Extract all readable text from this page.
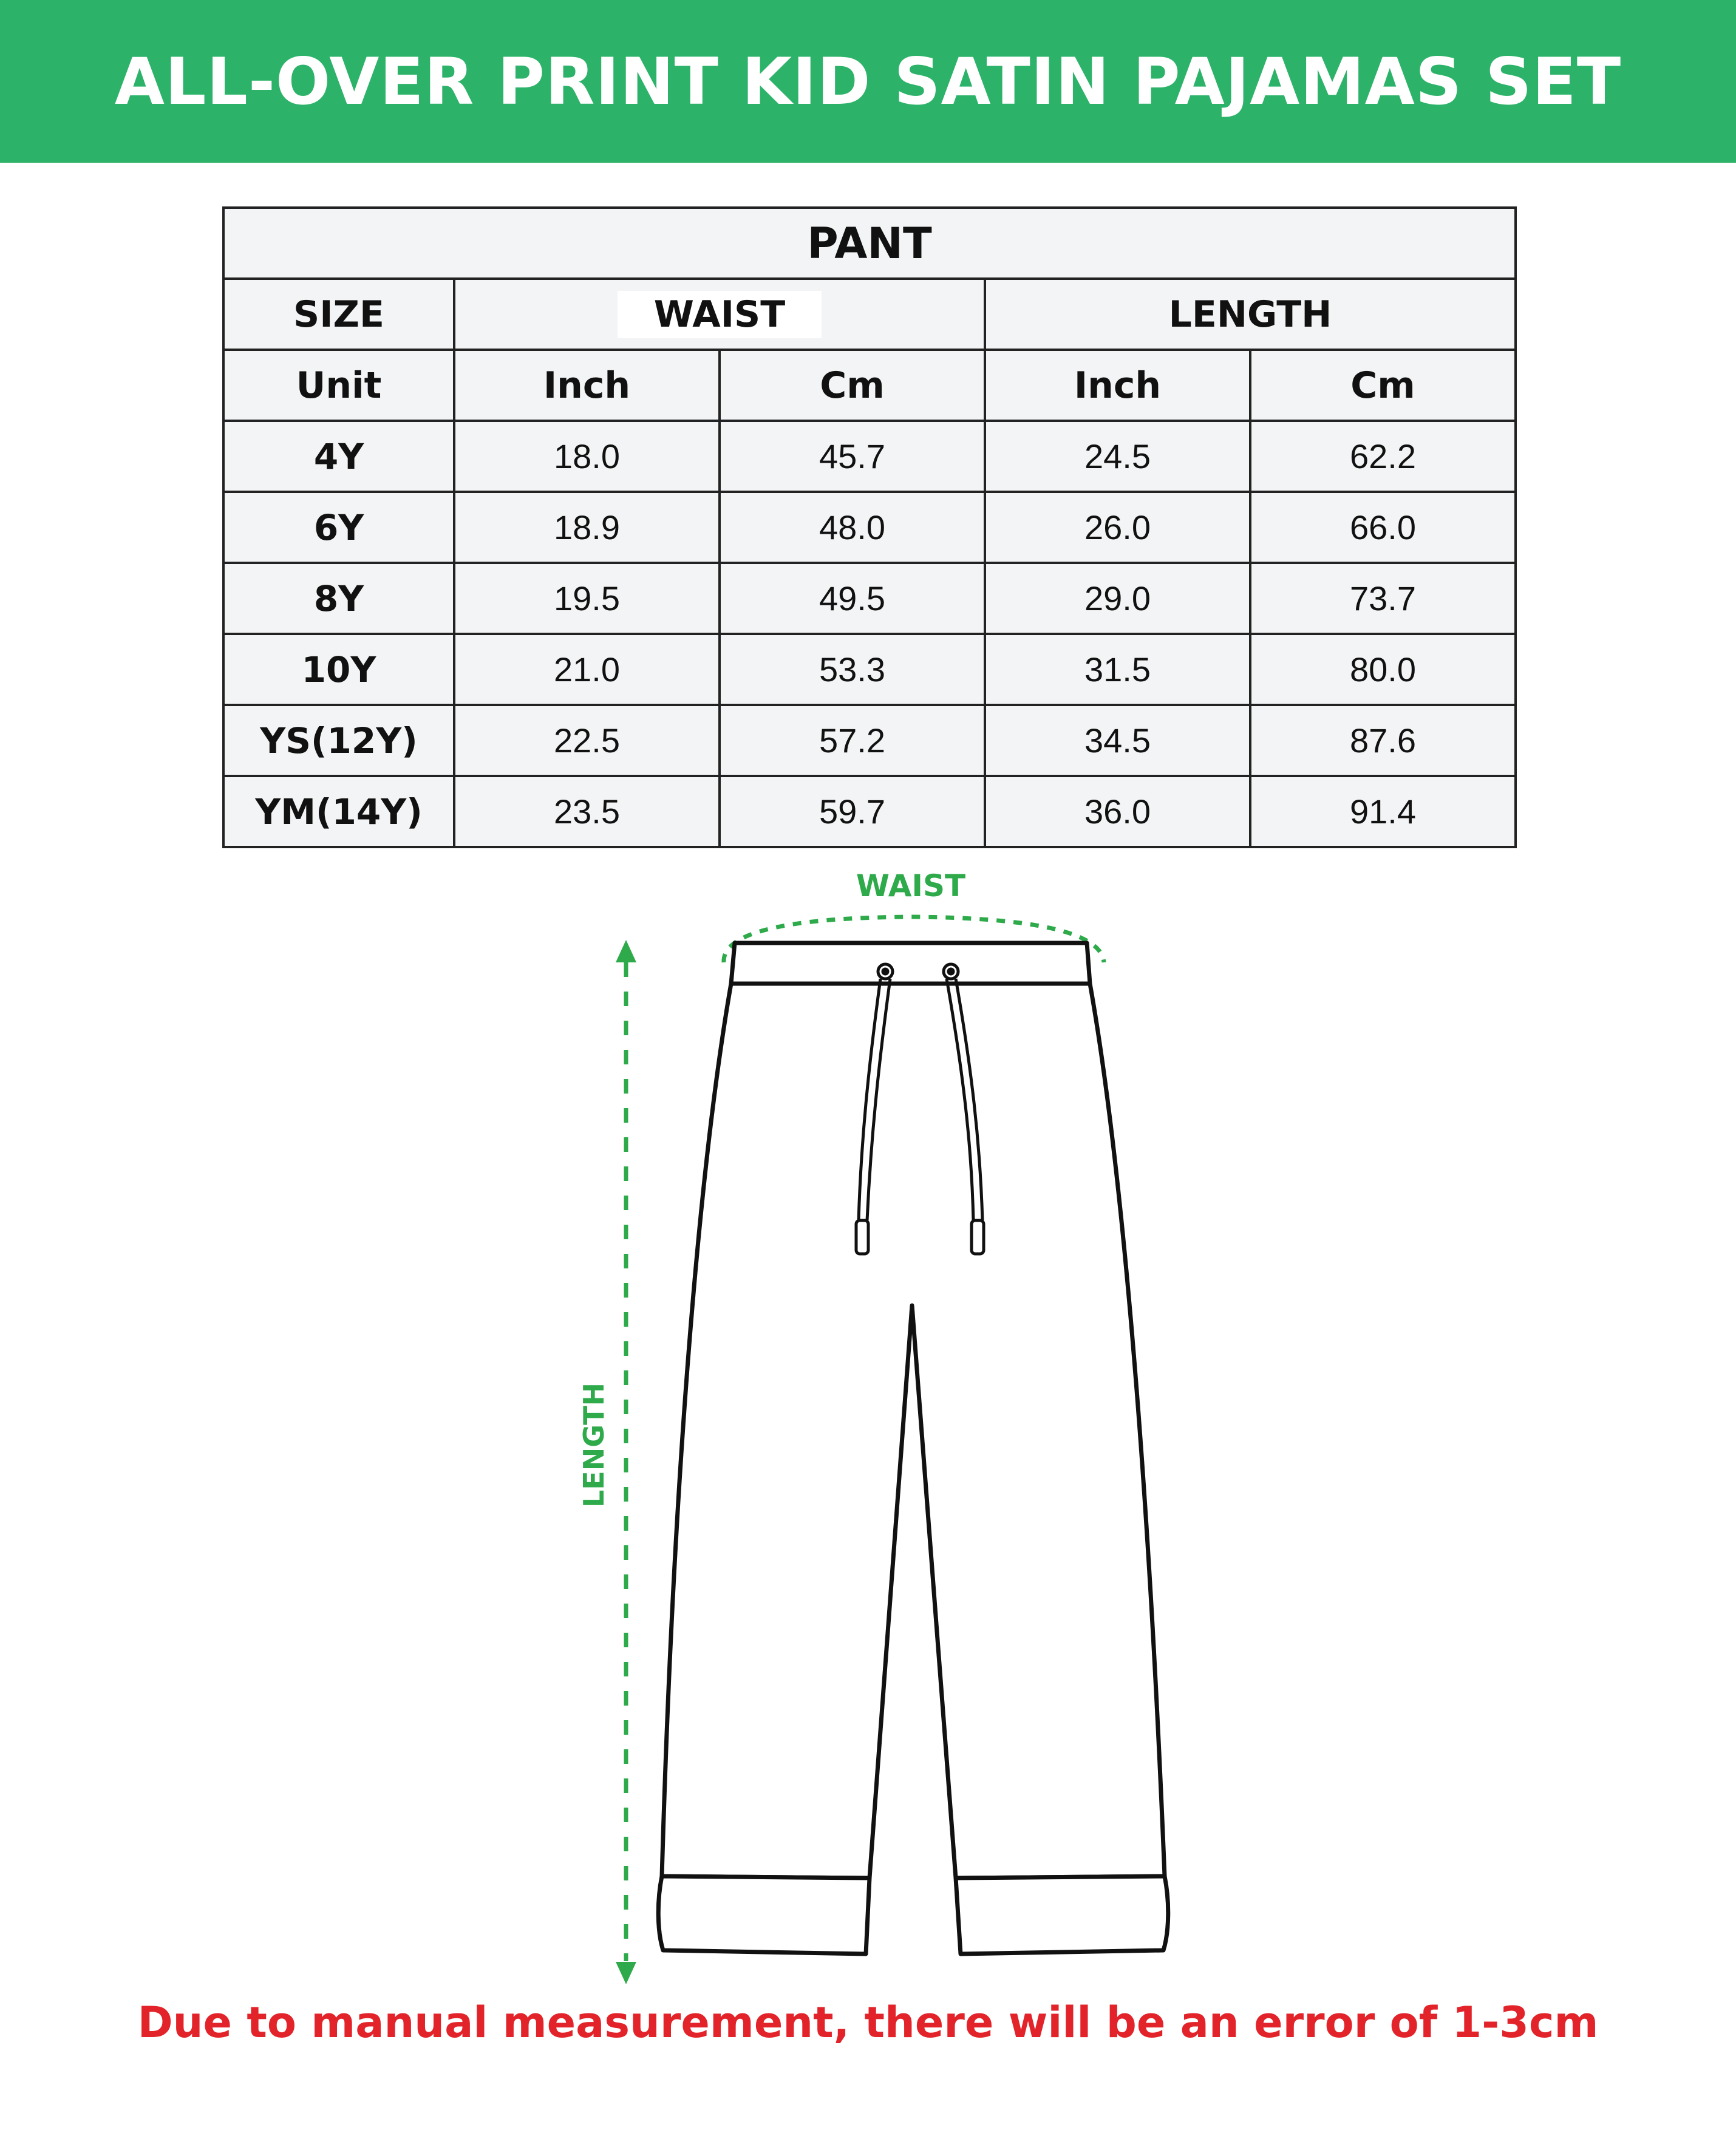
ALL-OVER PRINT KID SATIN PAJAMAS SET
PANT				
SIZE	WAIST		LENGTH	
Unit	Inch	Cm	Inch	Cm
4Y	18.0	45.7	24.5	62.2
6Y	18.9	48.0	26.0	66.0
8Y	19.5	49.5	29.0	73.7
10Y	21.0	53.3	31.5	80.0
YS(12Y)	22.5	57.2	34.5	87.6
YM(14Y)	23.5	59.7	36.0	91.4
WAIST
LENGTH
Due to manual measurement, there will be an error of 1-3cm
